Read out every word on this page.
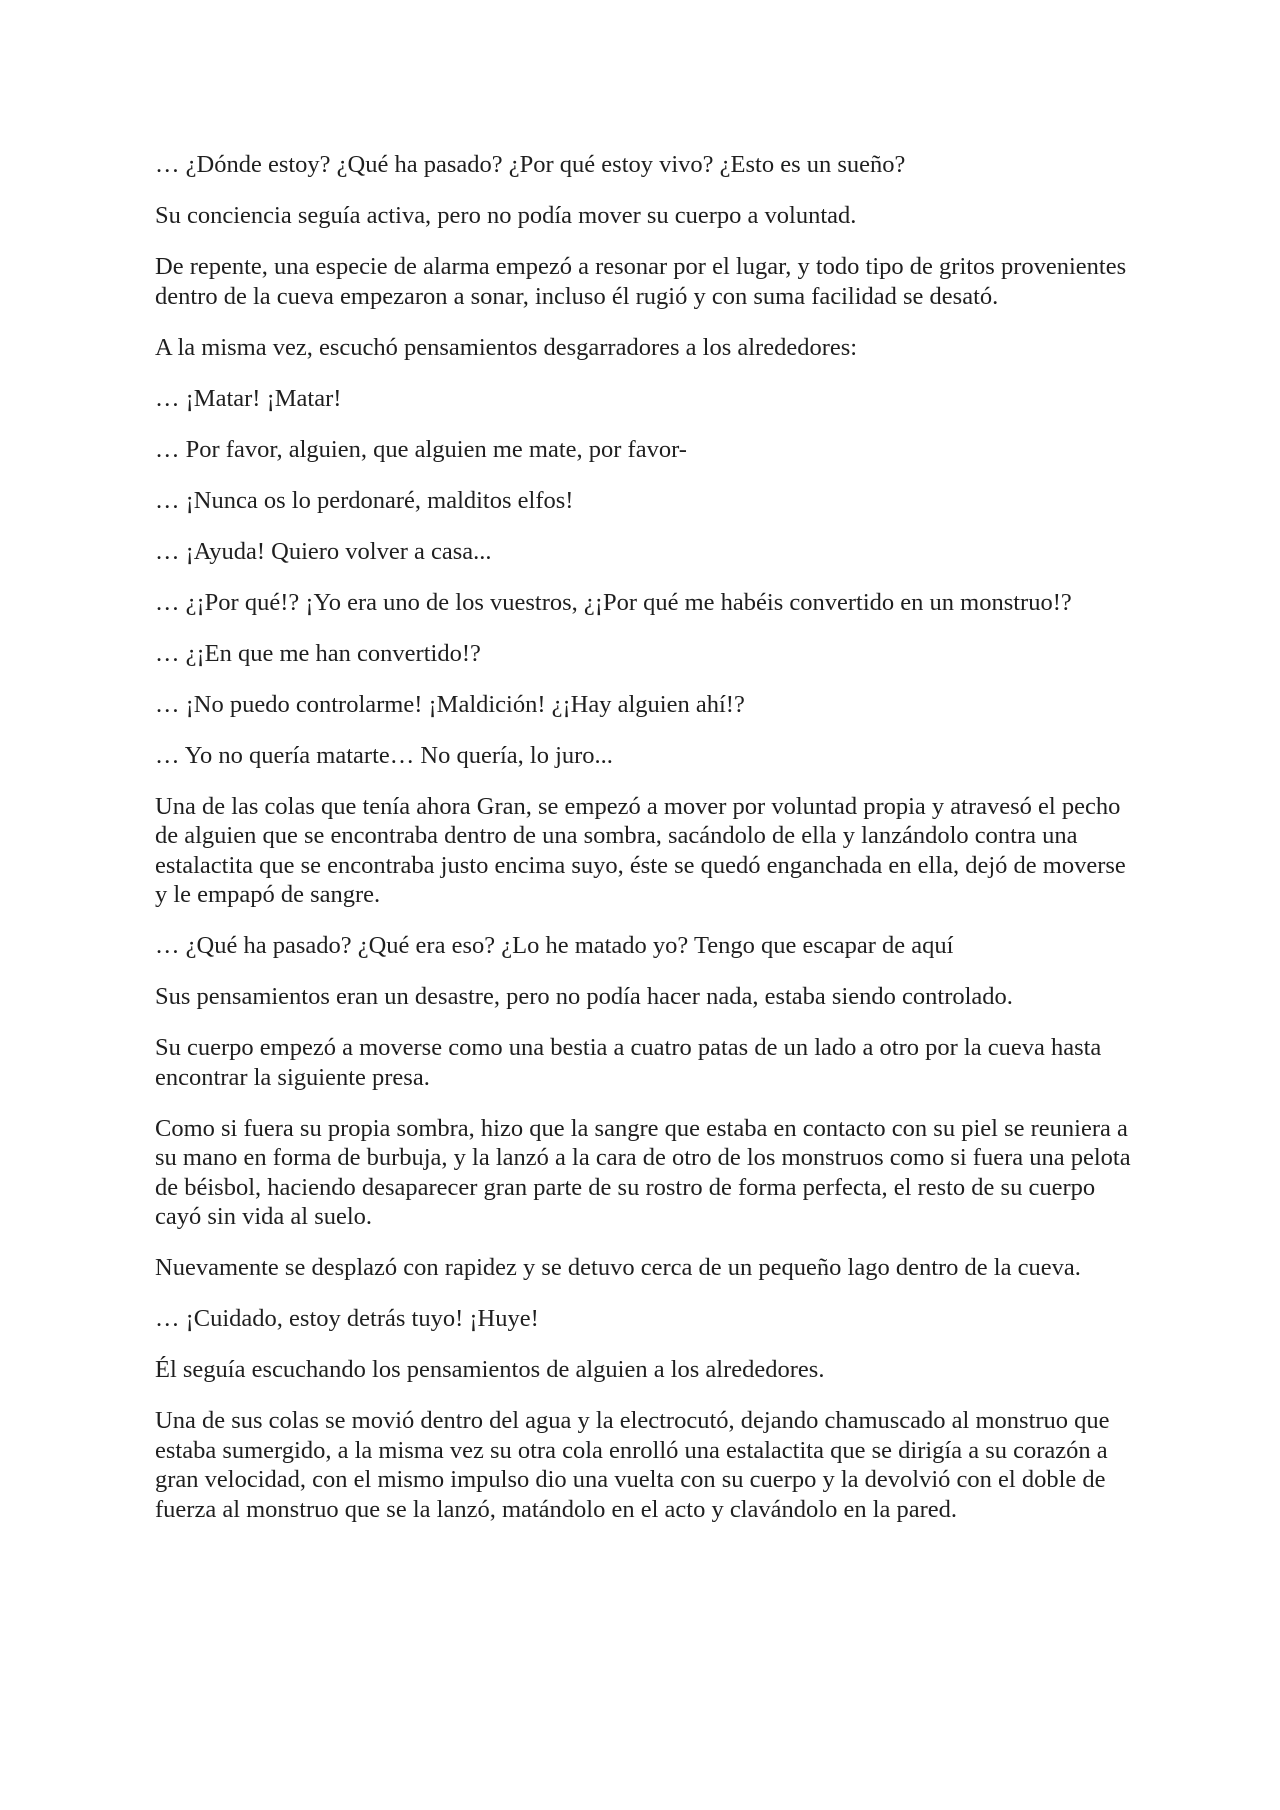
… ¿Dónde estoy? ¿Qué ha pasado? ¿Por qué estoy vivo? ¿Esto es un sueño?

Su conciencia seguía activa, pero no podía mover su cuerpo a voluntad.

De repente, una especie de alarma empezó a resonar por el lugar, y todo tipo de gritos provenientes dentro de la cueva empezaron a sonar, incluso él rugió y con suma facilidad se desató.

A la misma vez, escuchó pensamientos desgarradores a los alrededores:

… ¡Matar! ¡Matar!

… Por favor, alguien, que alguien me mate, por favor-

… ¡Nunca os lo perdonaré, malditos elfos!

… ¡Ayuda! Quiero volver a casa...

… ¿¡Por qué!? ¡Yo era uno de los vuestros, ¿¡Por qué me habéis convertido en un monstruo!?

… ¿¡En que me han convertido!?

… ¡No puedo controlarme! ¡Maldición! ¿¡Hay alguien ahí!?

… Yo no quería matarte… No quería, lo juro...

Una de las colas que tenía ahora Gran, se empezó a mover por voluntad propia y atravesó el pecho de alguien que se encontraba dentro de una sombra, sacándolo de ella y lanzándolo contra una estalactita que se encontraba justo encima suyo, éste se quedó enganchada en ella, dejó de moverse y le empapó de sangre.

… ¿Qué ha pasado? ¿Qué era eso? ¿Lo he matado yo? Tengo que escapar de aquí

Sus pensamientos eran un desastre, pero no podía hacer nada, estaba siendo controlado.

Su cuerpo empezó a moverse como una bestia a cuatro patas de un lado a otro por la cueva hasta encontrar la siguiente presa.

Como si fuera su propia sombra, hizo que la sangre que estaba en contacto con su piel se reuniera a su mano en forma de burbuja, y la lanzó a la cara de otro de los monstruos como si fuera una pelota de béisbol, haciendo desaparecer gran parte de su rostro de forma perfecta, el resto de su cuerpo cayó sin vida al suelo.

Nuevamente se desplazó con rapidez y se detuvo cerca de un pequeño lago dentro de la cueva.

… ¡Cuidado, estoy detrás tuyo! ¡Huye!

Él seguía escuchando los pensamientos de alguien a los alrededores.

Una de sus colas se movió dentro del agua y la electrocutó, dejando chamuscado al monstruo que estaba sumergido, a la misma vez su otra cola enrolló una estalactita que se dirigía a su corazón a gran velocidad, con el mismo impulso dio una vuelta con su cuerpo y la devolvió con el doble de fuerza al monstruo que se la lanzó, matándolo en el acto y clavándolo en la pared.
